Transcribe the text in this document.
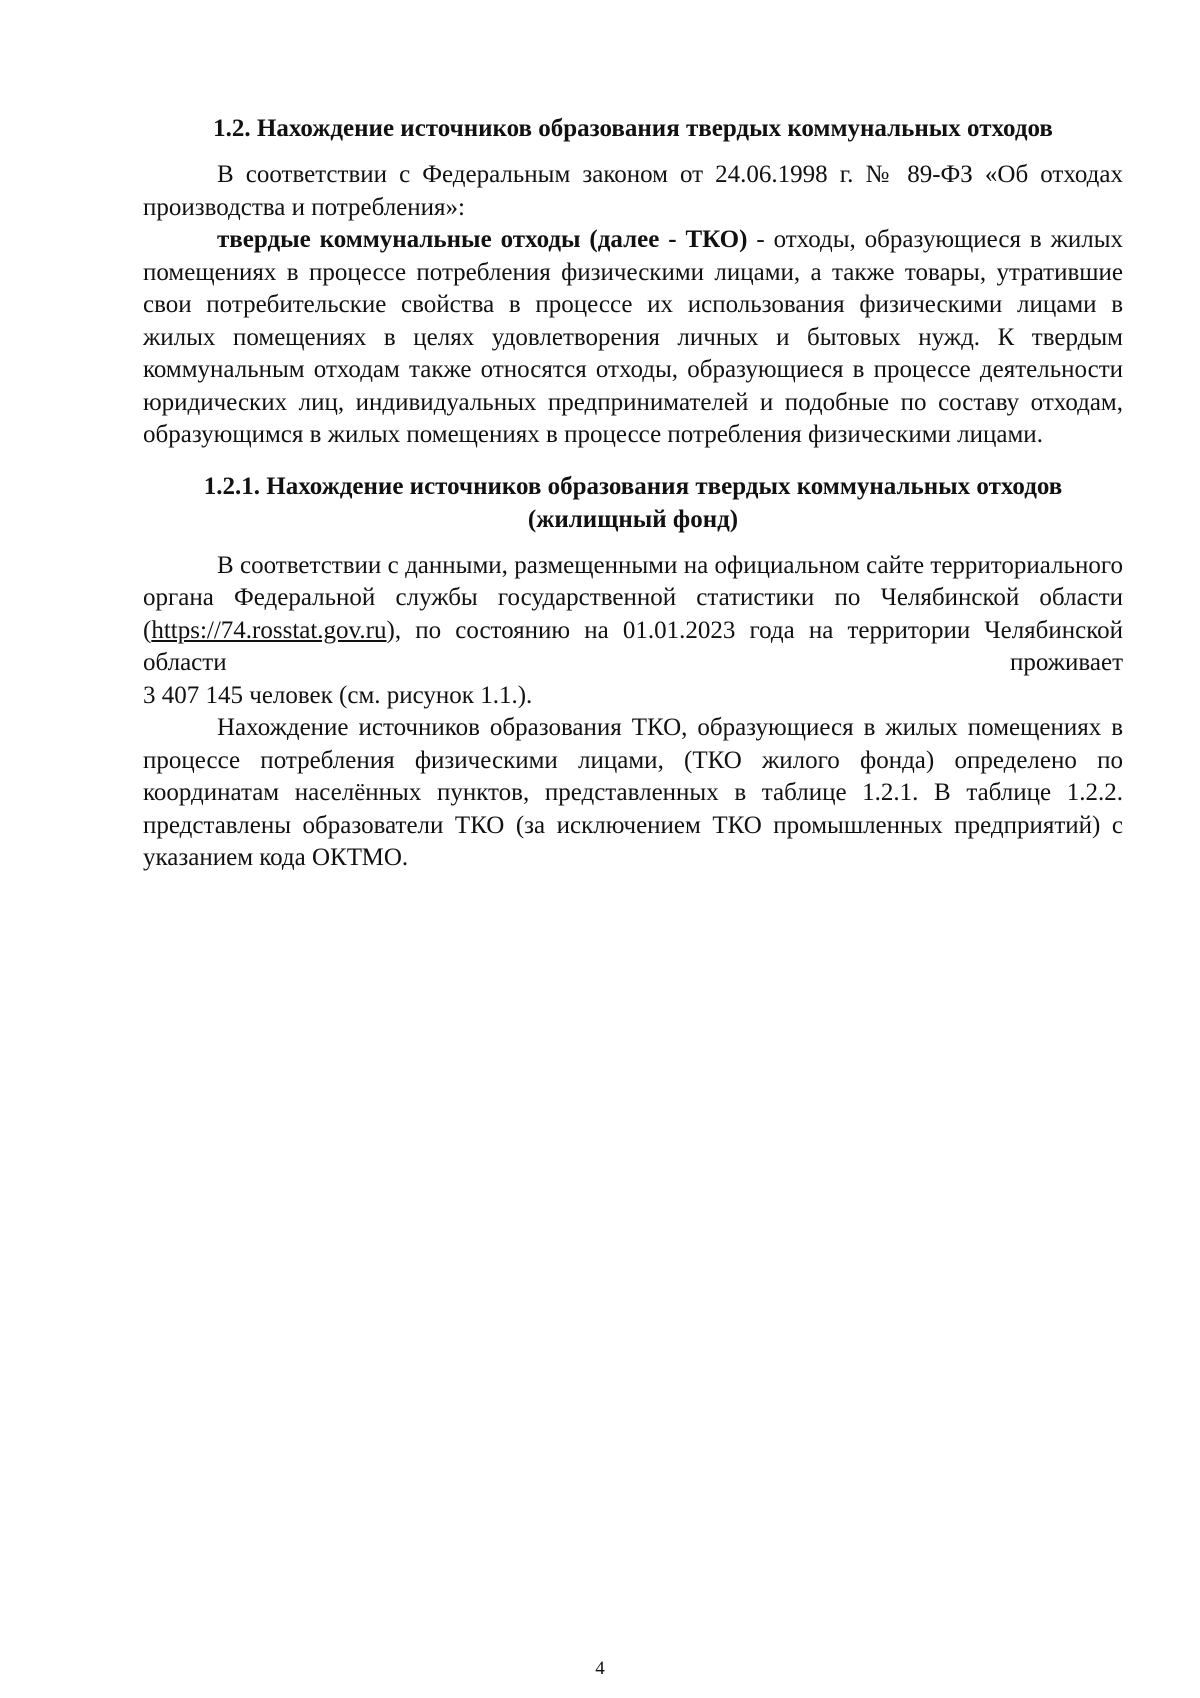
1.2. Нахождение источников образования твердых коммунальных отходов

В соответствии с Федеральным законом от 24.06.1998 г. № 89-ФЗ «Об отходах производства и потребления»:

твердые коммунальные отходы (далее - ТКО) - отходы, образующиеся в жилых помещениях в процессе потребления физическими лицами, а также товары, утратившие свои потребительские свойства в процессе их использования физическими лицами в жилых помещениях в целях удовлетворения личных и бытовых нужд. К твердым коммунальным отходам также относятся отходы, образующиеся в процессе деятельности юридических лиц, индивидуальных предпринимателей и подобные по составу отходам, образующимся в жилых помещениях в процессе потребления физическими лицами.

1.2.1. Нахождение источников образования твердых коммунальных отходов (жилищный фонд)

В соответствии с данными, размещенными на официальном сайте территориального органа Федеральной службы государственной статистики по Челябинской области (https://74.rosstat.gov.ru), по состоянию на 01.01.2023 года на территории Челябинской области проживает

3 407 145 человек (см. рисунок 1.1.).

Нахождение источников образования ТКО, образующиеся в жилых помещениях в процессе потребления физическими лицами, (ТКО жилого фонда) определено по координатам населённых пунктов, представленных в таблице 1.2.1. В таблице 1.2.2. представлены образователи ТКО (за исключением ТКО промышленных предприятий) с указанием кода ОКТМО.

4
